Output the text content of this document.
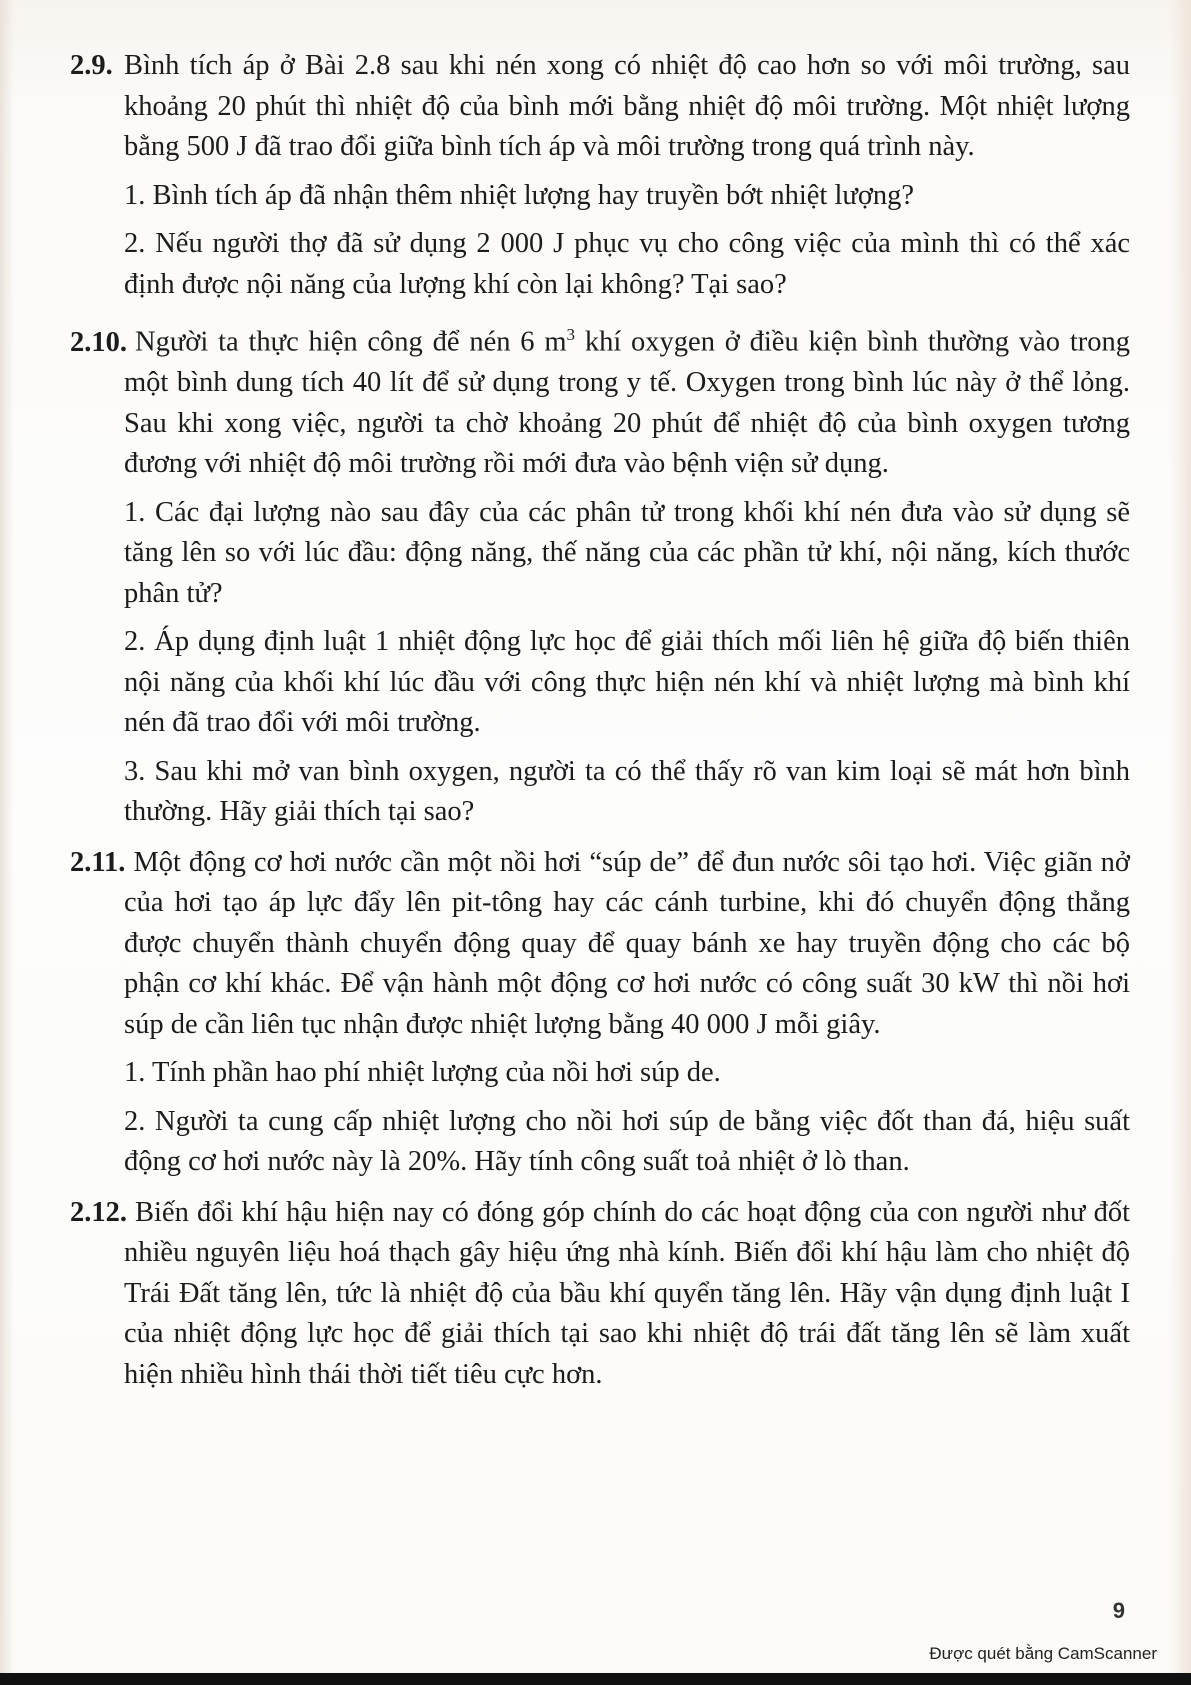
2.9. Bình tích áp ở Bài 2.8 sau khi nén xong có nhiệt độ cao hơn so với môi trường, sau khoảng 20 phút thì nhiệt độ của bình mới bằng nhiệt độ môi trường. Một nhiệt lượng bằng 500 J đã trao đổi giữa bình tích áp và môi trường trong quá trình này.

1. Bình tích áp đã nhận thêm nhiệt lượng hay truyền bớt nhiệt lượng?

2. Nếu người thợ đã sử dụng 2 000 J phục vụ cho công việc của mình thì có thể xác định được nội năng của lượng khí còn lại không? Tại sao?

2.10. Người ta thực hiện công để nén 6 $m^3$ khí oxygen ở điều kiện bình thường vào trong một bình dung tích 40 lít để sử dụng trong y tế. Oxygen trong bình lúc này ở thể lỏng. Sau khi xong việc, người ta chờ khoảng 20 phút để nhiệt độ của bình oxygen tương đương với nhiệt độ môi trường rồi mới đưa vào bệnh viện sử dụng.

1. Các đại lượng nào sau đây của các phân tử trong khối khí nén đưa vào sử dụng sẽ tăng lên so với lúc đầu: động năng, thế năng của các phần tử khí, nội năng, kích thước phân tử?

2. Áp dụng định luật 1 nhiệt động lực học để giải thích mối liên hệ giữa độ biến thiên nội năng của khối khí lúc đầu với công thực hiện nén khí và nhiệt lượng mà bình khí nén đã trao đổi với môi trường.

3. Sau khi mở van bình oxygen, người ta có thể thấy rõ van kim loại sẽ mát hơn bình thường. Hãy giải thích tại sao?

2.11. Một động cơ hơi nước cần một nồi hơi “súp de” để đun nước sôi tạo hơi. Việc giãn nở của hơi tạo áp lực đẩy lên pit-tông hay các cánh turbine, khi đó chuyển động thẳng được chuyển thành chuyển động quay để quay bánh xe hay truyền động cho các bộ phận cơ khí khác. Để vận hành một động cơ hơi nước có công suất 30 kW thì nồi hơi súp de cần liên tục nhận được nhiệt lượng bằng 40 000 J mỗi giây.

1. Tính phần hao phí nhiệt lượng của nồi hơi súp de.

2. Người ta cung cấp nhiệt lượng cho nồi hơi súp de bằng việc đốt than đá, hiệu suất động cơ hơi nước này là 20%. Hãy tính công suất toả nhiệt ở lò than.

2.12. Biến đổi khí hậu hiện nay có đóng góp chính do các hoạt động của con người như đốt nhiều nguyên liệu hoá thạch gây hiệu ứng nhà kính. Biến đổi khí hậu làm cho nhiệt độ Trái Đất tăng lên, tức là nhiệt độ của bầu khí quyển tăng lên. Hãy vận dụng định luật I của nhiệt động lực học để giải thích tại sao khi nhiệt độ trái đất tăng lên sẽ làm xuất hiện nhiều hình thái thời tiết tiêu cực hơn.

9
Được quét bằng CamScanner
